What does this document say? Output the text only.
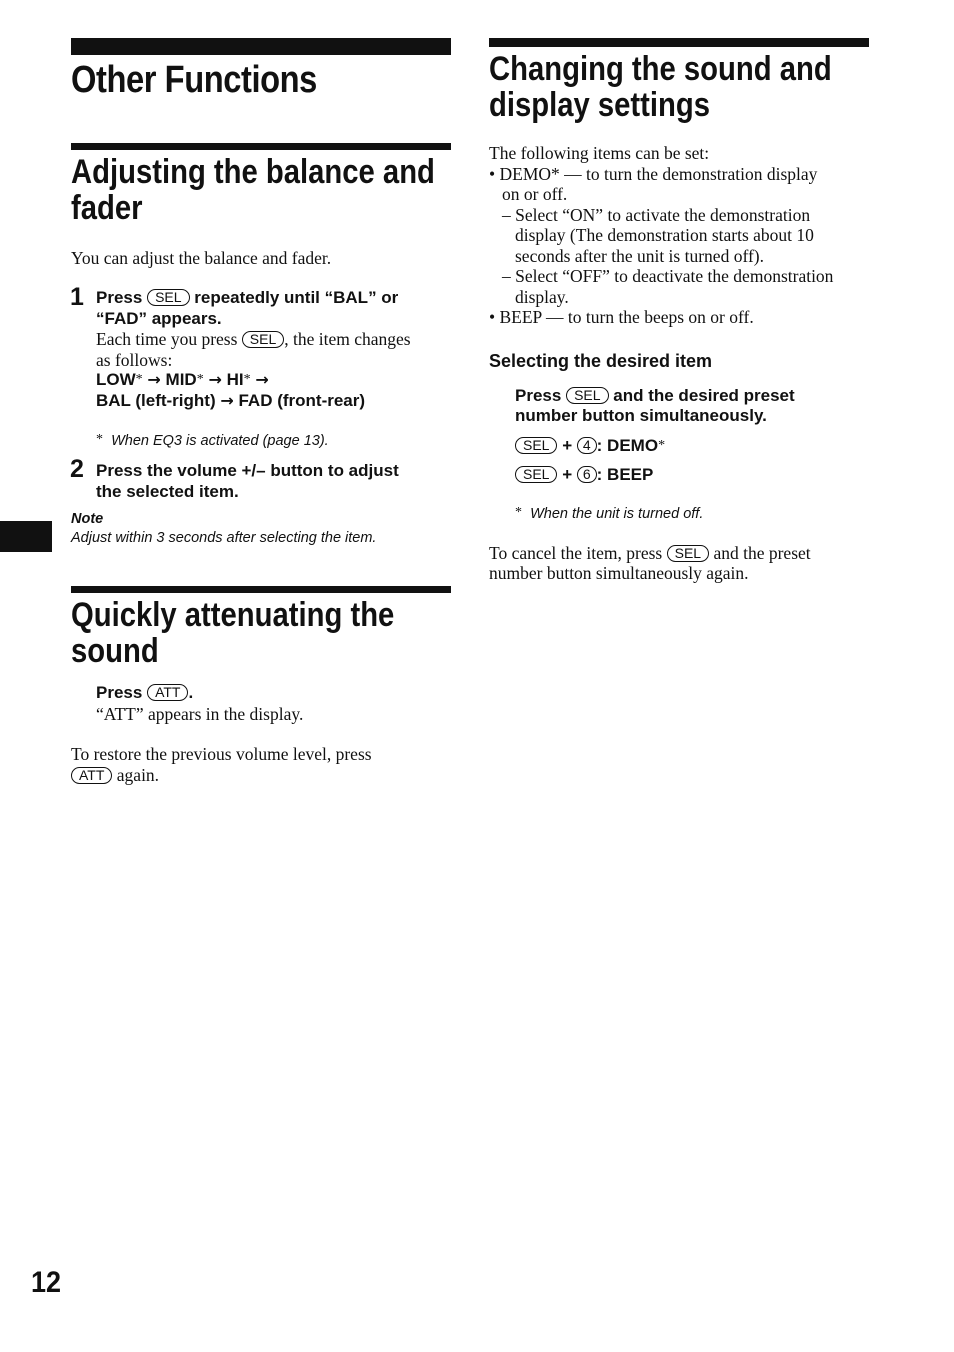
Other Functions
Adjusting the balance and
fader
You can adjust the balance and fader.
1 Press SEL repeatedly until “BAL” or
“FAD” appears.
Each time you press SEL , the item changes
as follows:
LOW* → MID* → HI* →
BAL (left-right) → FAD (front-rear)
* When EQ3 is activated (page 13).
2 Press the volume +/– button to adjust
the selected item.
Note
Adjust within 3 seconds after selecting the item.
Quickly attenuating the
sound
Press ATT .
“ATT” appears in the display.
To restore the previous volume level, press
ATT again.
Changing the sound and
display settings
The following items can be set:
• DEMO* — to turn the demonstration display
on or off.
– Select “ON” to activate the demonstration
display (The demonstration starts about 10
seconds after the unit is turned off).
– Select “OFF” to deactivate the demonstration
display.
• BEEP — to turn the beeps on or off.
Selecting the desired item
Press SEL and the desired preset
number button simultaneously.
SEL + 4 : DEMO*
SEL + 6 : BEEP
* When the unit is turned off.
To cancel the item, press SEL and the preset
number button simultaneously again.
12
